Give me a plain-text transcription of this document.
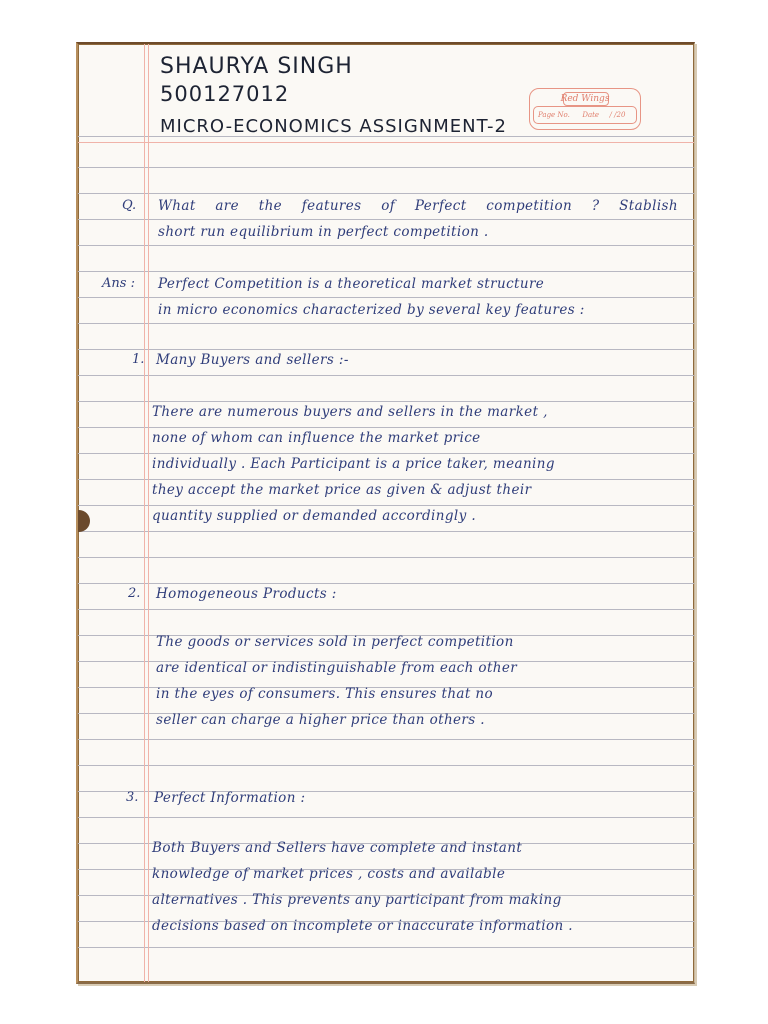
SHAURYA SINGH
500127012
MICRO-ECONOMICS ASSIGNMENT-2
Red Wings
Page No. Date / /20
Q. What are the features of Perfect competition ? Stablish
short run equilibrium in perfect competition .
Ans : Perfect Competition is a theoretical market structure
in micro economics characterized by several key features :
1. Many Buyers and sellers :-
There are numerous buyers and sellers in the market ,
none of whom can influence the market price
individually . Each Participant is a price taker, meaning
they accept the market price as given & adjust their
quantity supplied or demanded accordingly .
2. Homogeneous Products :
The goods or services sold in perfect competition
are identical or indistinguishable from each other
in the eyes of consumers. This ensures that no
seller can charge a higher price than others .
3. Perfect Information :
Both Buyers and Sellers have complete and instant
knowledge of market prices , costs and available
alternatives . This prevents any participant from making
decisions based on incomplete or inaccurate information .
